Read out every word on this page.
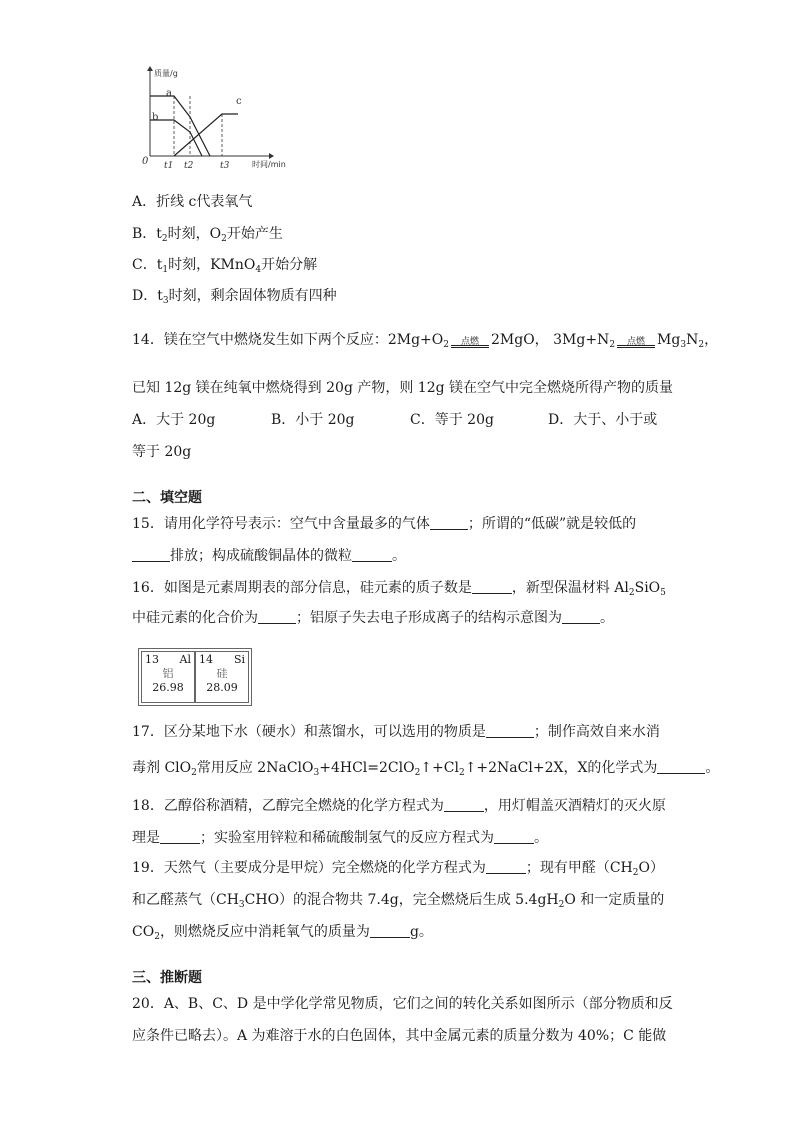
质量/g
时间/min
0
a
b
c
t1 t2	t3
A．折线 c代表氧气
B．$t_2$时刻，$O_2$开始产生
C．$t_1$时刻，KMnO$_4$开始分解
D．$t_3$时刻，剩余固体物质有四种
14．镁在空气中燃烧发生如下两个反应：$2Mg+O_2$	点燃 2MgO， $3Mg+N_2$	点燃 $Mg_3N_2$，
已知 12g 镁在纯氧中燃烧得到 20g 产物，则 12g 镁在空气中完全燃烧所得产物的质量
A．大于 20g	B．小于 20g	C．等于 20g	D．大于、小于或
等于 20g
二、填空题
15．请用化学符号表示：空气中含量最多的气体	；所谓的“低碳”就是较低的
排放；构成硫酸铜晶体的微粒	。
16．如图是元素周期表的部分信息，硅元素的质子数是	，新型保温材料 $Al_2SiO_5$
中硅元素的化合价为	；铝原子失去电子形成离子的结构示意图为	。
13 Al
铝
26.98
14 Si
硅
28.09
17．区分某地下水（硬水）和蒸馏水，可以选用的物质是	；制作高效自来水消
毒剂 ClO$_2$常用反应 $2NaClO_3+4HCl=2ClO_2↑+Cl_2↑+2NaCl+2X$，X的化学式为	。
18．乙醇俗称酒精，乙醇完全燃烧的化学方程式为	，用灯帽盖灭酒精灯的灭火原
理是	；实验室用锌粒和稀硫酸制氢气的反应方程式为	。
19．天然气（主要成分是甲烷）完全燃烧的化学方程式为	；现有甲醛$(CH_2O)$
和乙醛蒸气$(CH_3CHO)$的混合物共 7.4g，完全燃烧后生成 $5.4gH_2O$ 和一定质量的
$CO_2$，则燃烧反应中消耗氧气的质量为	g。
三、推断题
20．A、B、C、D 是中学化学常见物质，它们之间的转化关系如图所示（部分物质和反
应条件已略去）。A 为难溶于水的白色固体，其中金属元素的质量分数为 40%；C 能做
